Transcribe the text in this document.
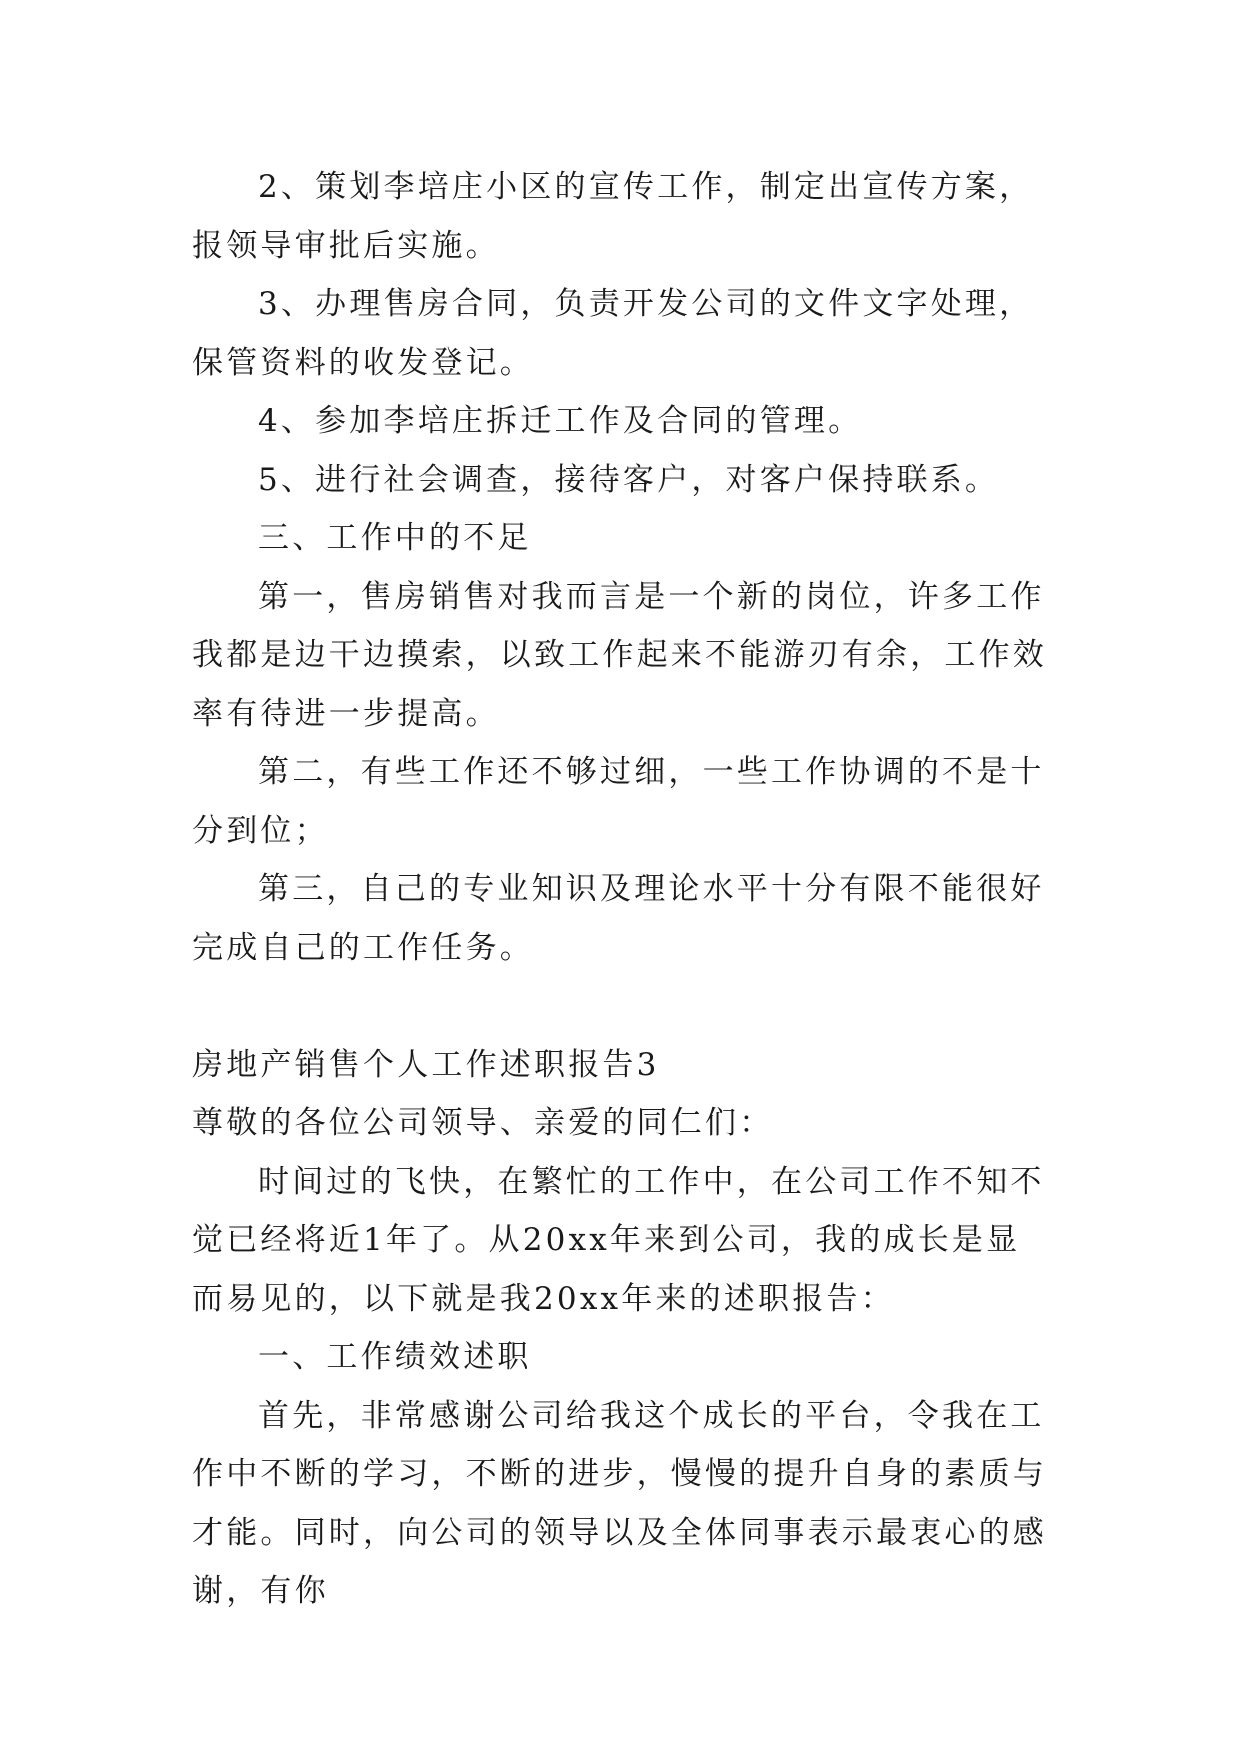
2、策划李培庄小区的宣传工作，制定出宣传方案，报领导审批后实施。

3、办理售房合同，负责开发公司的文件文字处理，保管资料的收发登记。

4、参加李培庄拆迁工作及合同的管理。

5、进行社会调查，接待客户，对客户保持联系。

三、工作中的不足

第一，售房销售对我而言是一个新的岗位，许多工作我都是边干边摸索，以致工作起来不能游刃有余，工作效率有待进一步提高。

第二，有些工作还不够过细，一些工作协调的不是十分到位；

第三，自己的专业知识及理论水平十分有限不能很好完成自己的工作任务。

房地产销售个人工作述职报告3

尊敬的各位公司领导、亲爱的同仁们：

时间过的飞快，在繁忙的工作中，在公司工作不知不觉已经将近1年了。从20xx年来到公司，我的成长是显而易见的，以下就是我20xx年来的述职报告：

一、工作绩效述职

首先，非常感谢公司给我这个成长的平台，令我在工作中不断的学习，不断的进步，慢慢的提升自身的素质与才能。同时，向公司的领导以及全体同事表示最衷心的感谢，有你
